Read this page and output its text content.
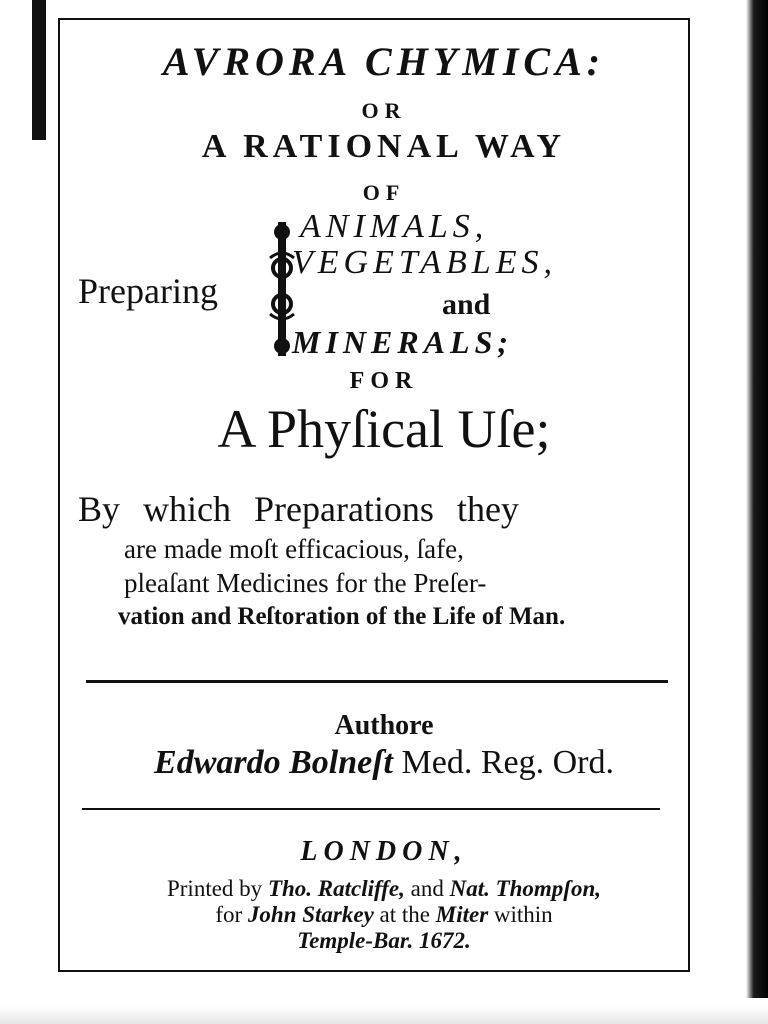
AVRORA CHYMICA:
OR
A RATIONAL WAY
OF
Preparing
ANIMALS,
VEGETABLES,
and
MINERALS;
FOR
A Phyſical Uſe;
By which Preparations they
are made moſt efficacious, ſafe,
pleaſant Medicines for the Preſer-
vation and Reſtoration of the Life of Man.
Authore
Edwardo Bolneſt Med. Reg. Ord.
LONDON,
Printed by Tho. Ratcliffe, and Nat. Thompſon,
for John Starkey at the Miter within
Temple-Bar. 1672.
